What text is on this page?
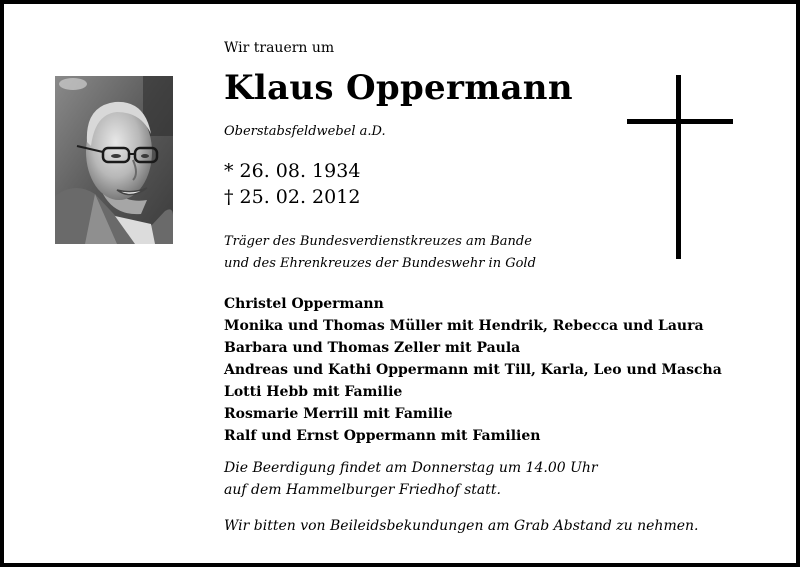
Wir trauern um
Klaus Oppermann
Oberstabsfeldwebel a.D.
* 26. 08. 1934
† 25. 02. 2012
Träger des Bundesverdienstkreuzes am Bande
und des Ehrenkreuzes der Bundeswehr in Gold
Christel Oppermann
Monika und Thomas Müller mit Hendrik, Rebecca und Laura
Barbara und Thomas Zeller mit Paula
Andreas und Kathi Oppermann mit Till, Karla, Leo und Mascha
Lotti Hebb mit Familie
Rosmarie Merrill mit Familie
Ralf und Ernst Oppermann mit Familien
Die Beerdigung findet am Donnerstag um 14.00 Uhr
auf dem Hammelburger Friedhof statt.
Wir bitten von Beileidsbekundungen am Grab Abstand zu nehmen.
